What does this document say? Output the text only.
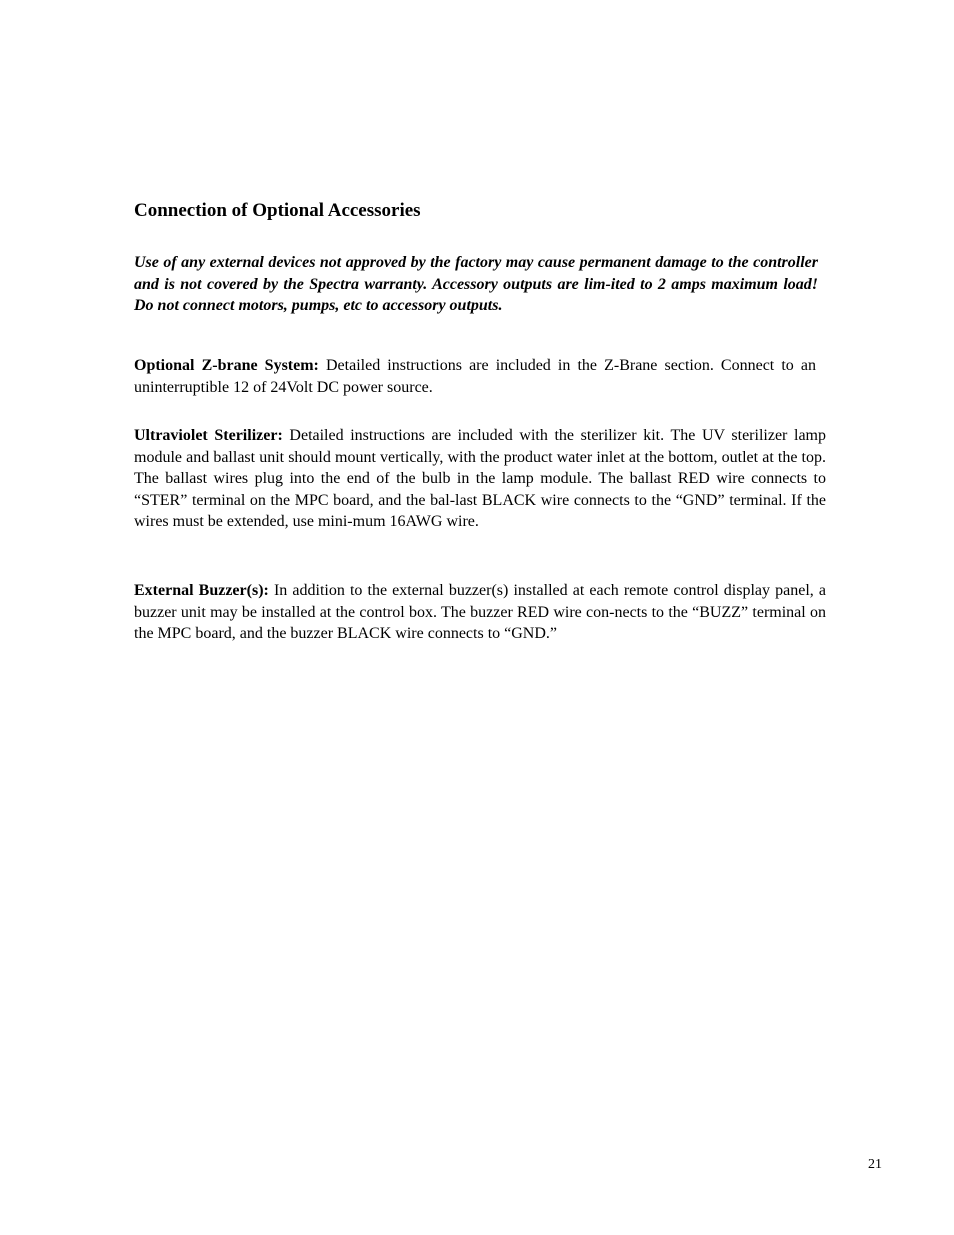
Connection of Optional Accessories

Use of any external devices not approved by the factory may cause permanent damage to the controller and is not covered by the Spectra warranty. Accessory outputs are lim-ited to 2 amps maximum load! Do not connect motors, pumps, etc to accessory outputs.

Optional Z-brane System: Detailed instructions are included in the Z-Brane section. Connect to an uninterruptible 12 of 24Volt DC power source.

Ultraviolet Sterilizer: Detailed instructions are included with the sterilizer kit. The UV sterilizer lamp module and ballast unit should mount vertically, with the product water inlet at the bottom, outlet at the top. The ballast wires plug into the end of the bulb in the lamp module. The ballast RED wire connects to “STER” terminal on the MPC board, and the bal-last BLACK wire connects to the “GND” terminal. If the wires must be extended, use mini-mum 16AWG wire.

External Buzzer(s): In addition to the external buzzer(s) installed at each remote control display panel, a buzzer unit may be installed at the control box. The buzzer RED wire con-nects to the “BUZZ” terminal on the MPC board, and the buzzer BLACK wire connects to “GND.”

21
